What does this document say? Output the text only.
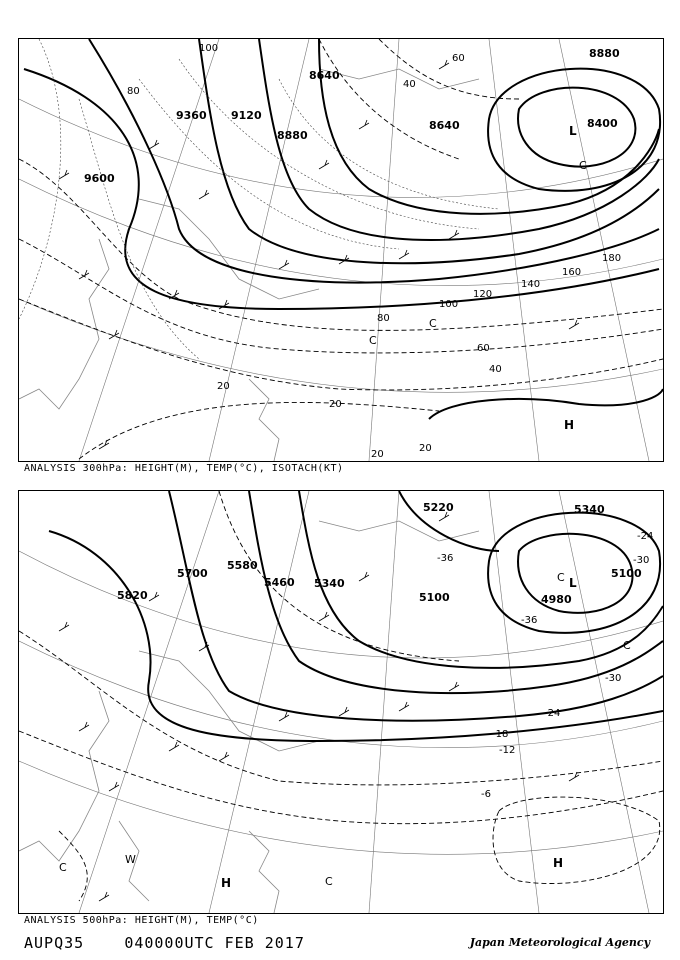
9600
9360 9120
8880
8640
8640	8400
8880
L
H
100
80
60
40
20
20
20
20
40
60
80
100
120
140
160
180
C
C
C
ANALYSIS 300hPa: HEIGHT(M), TEMP(°C), ISOTACH(KT)
5820
5700
5580
5460 5340
5220
5100
4980
5340
5100
L
H
H
-36
-36
-30
-24
-18
-12
-6
-30
-24
C
W
C
C
C
ANALYSIS 500hPa: HEIGHT(M), TEMP(°C)
AUPQ35	040000UTC FEB 2017	Japan Meteorological Agency
